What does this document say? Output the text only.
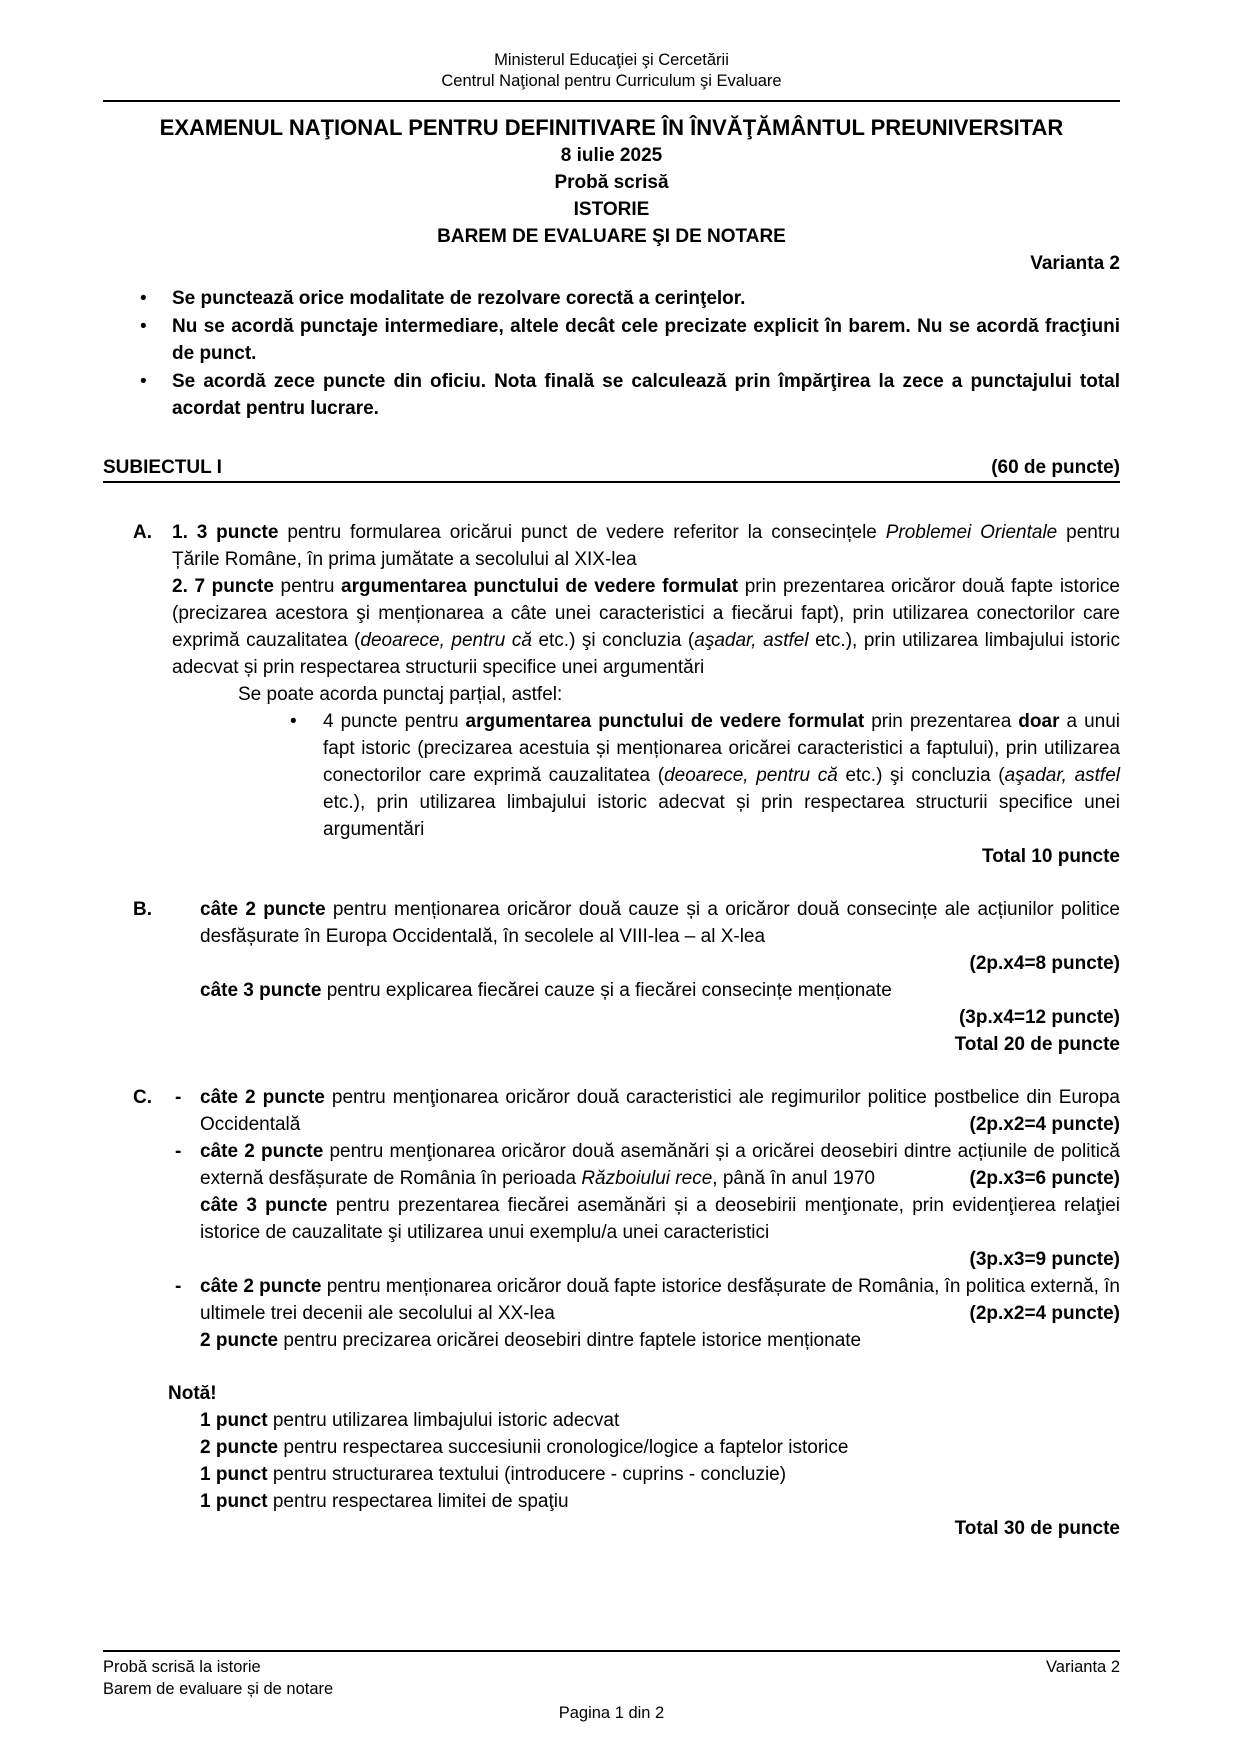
Ministerul Educaţiei şi Cercetării
Centrul Naţional pentru Curriculum şi Evaluare
EXAMENUL NAŢIONAL PENTRU DEFINITIVARE ÎN ÎNVĂŢĂMÂNTUL PREUNIVERSITAR
8 iulie 2025
Probă scrisă
ISTORIE
BAREM DE EVALUARE ŞI DE NOTARE
Varianta 2
• Se punctează orice modalitate de rezolvare corectă a cerinţelor.
• Nu se acordă punctaje intermediare, altele decât cele precizate explicit în barem. Nu se acordă fracţiuni de punct.
• Se acordă zece puncte din oficiu. Nota finală se calculează prin împărţirea la zece a punctajului total acordat pentru lucrare.
SUBIECTUL I	(60 de puncte)
A. 1. 3 puncte pentru formularea oricărui punct de vedere referitor la consecințele Problemei Orientale pentru Țările Române, în prima jumătate a secolului al XIX-lea
2. 7 puncte pentru argumentarea punctului de vedere formulat prin prezentarea oricăror două fapte istorice (precizarea acestora şi menționarea a câte unei caracteristici a fiecărui fapt), prin utilizarea conectorilor care exprimă cauzalitatea (deoarece, pentru că etc.) şi concluzia (aşadar, astfel etc.), prin utilizarea limbajului istoric adecvat și prin respectarea structurii specifice unei argumentări
Se poate acorda punctaj parțial, astfel:
• 4 puncte pentru argumentarea punctului de vedere formulat prin prezentarea doar a unui fapt istoric (precizarea acestuia și menționarea oricărei caracteristici a faptului), prin utilizarea conectorilor care exprimă cauzalitatea (deoarece, pentru că etc.) şi concluzia (aşadar, astfel etc.), prin utilizarea limbajului istoric adecvat și prin respectarea structurii specifice unei argumentări
Total 10 puncte
B.	câte 2 puncte pentru menționarea oricăror două cauze și a oricăror două consecințe ale acțiunilor politice desfășurate în Europa Occidentală, în secolele al VIII-lea – al X-lea
(2p.x4=8 puncte)
câte 3 puncte pentru explicarea fiecărei cauze și a fiecărei consecințe menționate
(3p.x4=12 puncte)
Total 20 de puncte
C. - câte 2 puncte pentru menţionarea oricăror două caracteristici ale regimurilor politice postbelice din Europa Occidentală	(2p.x2=4 puncte)
- câte 2 puncte pentru menţionarea oricăror două asemănări și a oricărei deosebiri dintre acțiunile de politică externă desfășurate de România în perioada Războiului rece, până în anul 1970	(2p.x3=6 puncte)
câte 3 puncte pentru prezentarea fiecărei asemănări și a deosebirii menţionate, prin evidenţierea relaţiei istorice de cauzalitate şi utilizarea unui exemplu/a unei caracteristici
(3p.x3=9 puncte)
- câte 2 puncte pentru menționarea oricăror două fapte istorice desfășurate de România, în politica externă, în ultimele trei decenii ale secolului al XX-lea	(2p.x2=4 puncte)
2 puncte pentru precizarea oricărei deosebiri dintre faptele istorice menționate
Notă!
1 punct pentru utilizarea limbajului istoric adecvat
2 puncte pentru respectarea succesiunii cronologice/logice a faptelor istorice
1 punct pentru structurarea textului (introducere - cuprins - concluzie)
1 punct pentru respectarea limitei de spaţiu
Total 30 de puncte
Probă scrisă la istorie	Varianta 2
Barem de evaluare și de notare
Pagina 1 din 2
